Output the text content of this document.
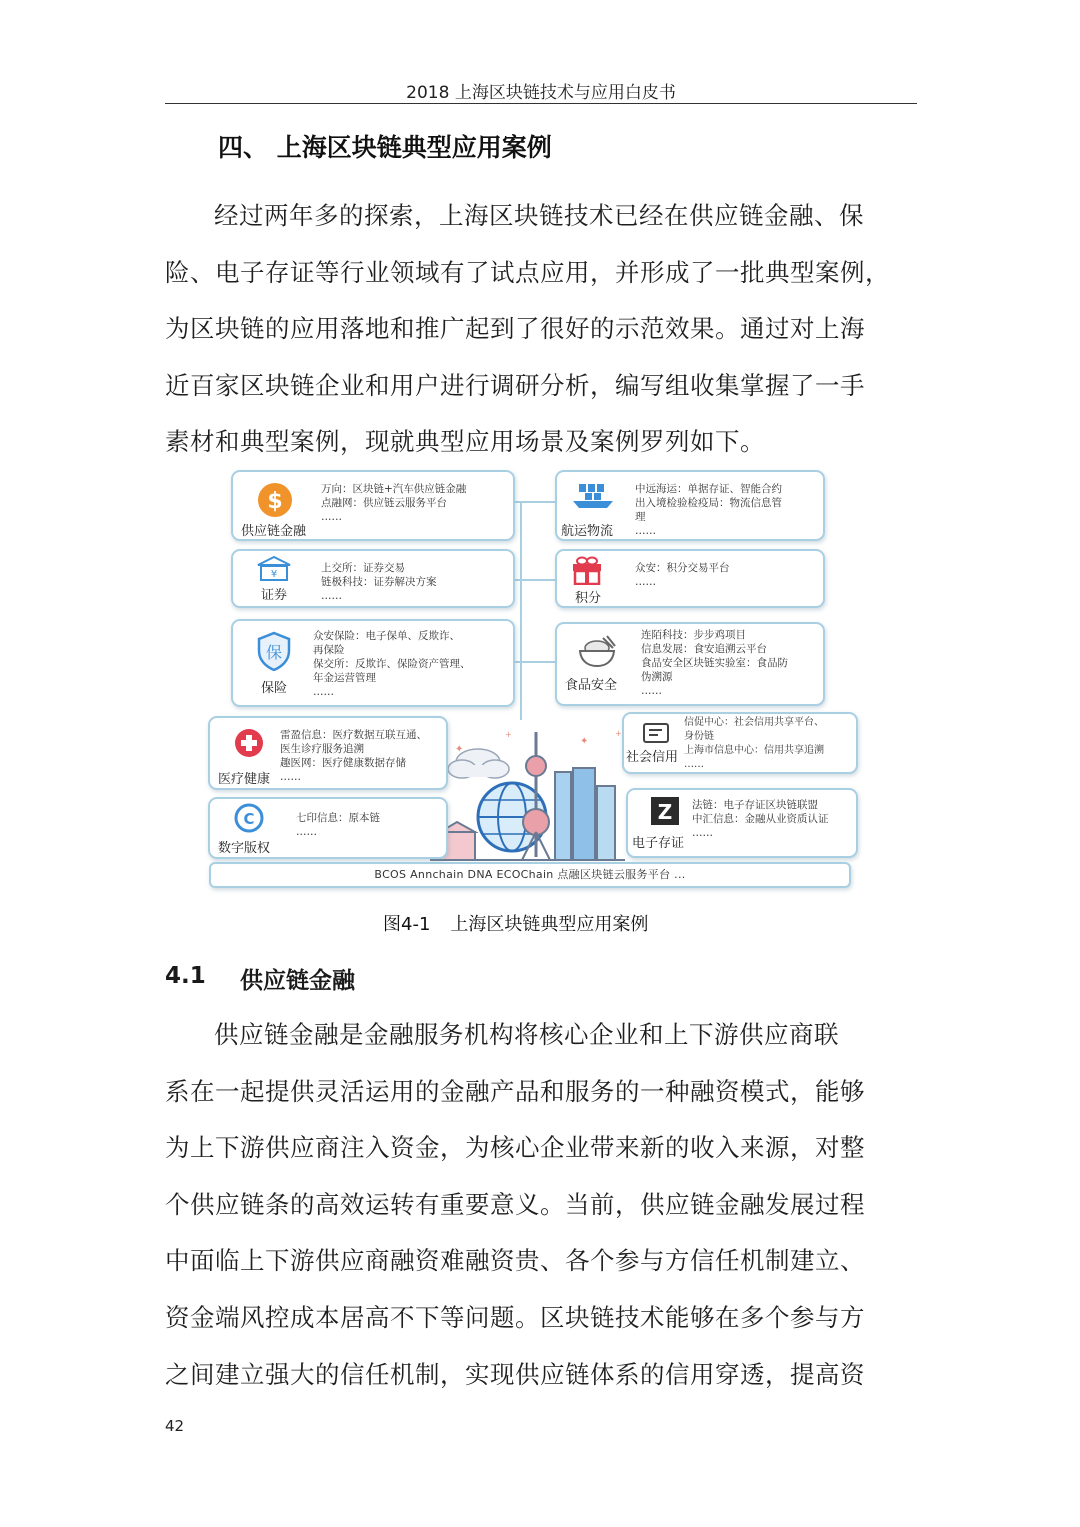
2018 上海区块链技术与应用白皮书
四、 上海区块链典型应用案例
经过两年多的探索，上海区块链技术已经在供应链金融、保
险、电子存证等行业领域有了试点应用，并形成了一批典型案例，
为区块链的应用落地和推广起到了很好的示范效果。通过对上海
近百家区块链企业和用户进行调研分析，编写组收集掌握了一手
素材和典型案例，现就典型应用场景及案例罗列如下。
✦
+
✦
+
$
供应链金融
万向：区块链+汽车供应链金融
点融网：供应链云服务平台
……
¥
证券
上交所：证券交易
链极科技：证券解决方案
……
保
保险
众安保险：电子保单、反欺诈、
再保险
保交所：反欺诈、保险资产管理、
年金运营管理
……
医疗健康
雷盈信息：医疗数据互联互通、
医生诊疗服务追溯
趣医网：医疗健康数据存储
……
C
数字版权
七印信息：原本链
……
航运物流
中远海运：单据存证、智能合约
出入境检验检疫局：物流信息管
理
……
积分
众安：积分交易平台
……
食品安全
连陌科技：步步鸡项目
信息发展：食安追溯云平台
食品安全区块链实验室：食品防
伪溯源
……
社会信用
信促中心：社会信用共享平台、
身份链
上海市信息中心：信用共享追溯
……
Z
电子存证
法链：电子存证区块链联盟
中汇信息：金融从业资质认证
……
BCOS Annchain DNA ECOChain 点融区块链云服务平台 ...
图4-1 上海区块链典型应用案例
4.1 供应链金融
供应链金融是金融服务机构将核心企业和上下游供应商联
系在一起提供灵活运用的金融产品和服务的一种融资模式，能够
为上下游供应商注入资金，为核心企业带来新的收入来源，对整
个供应链条的高效运转有重要意义。当前，供应链金融发展过程
中面临上下游供应商融资难融资贵、各个参与方信任机制建立、
资金端风控成本居高不下等问题。区块链技术能够在多个参与方
之间建立强大的信任机制，实现供应链体系的信用穿透，提高资
42
